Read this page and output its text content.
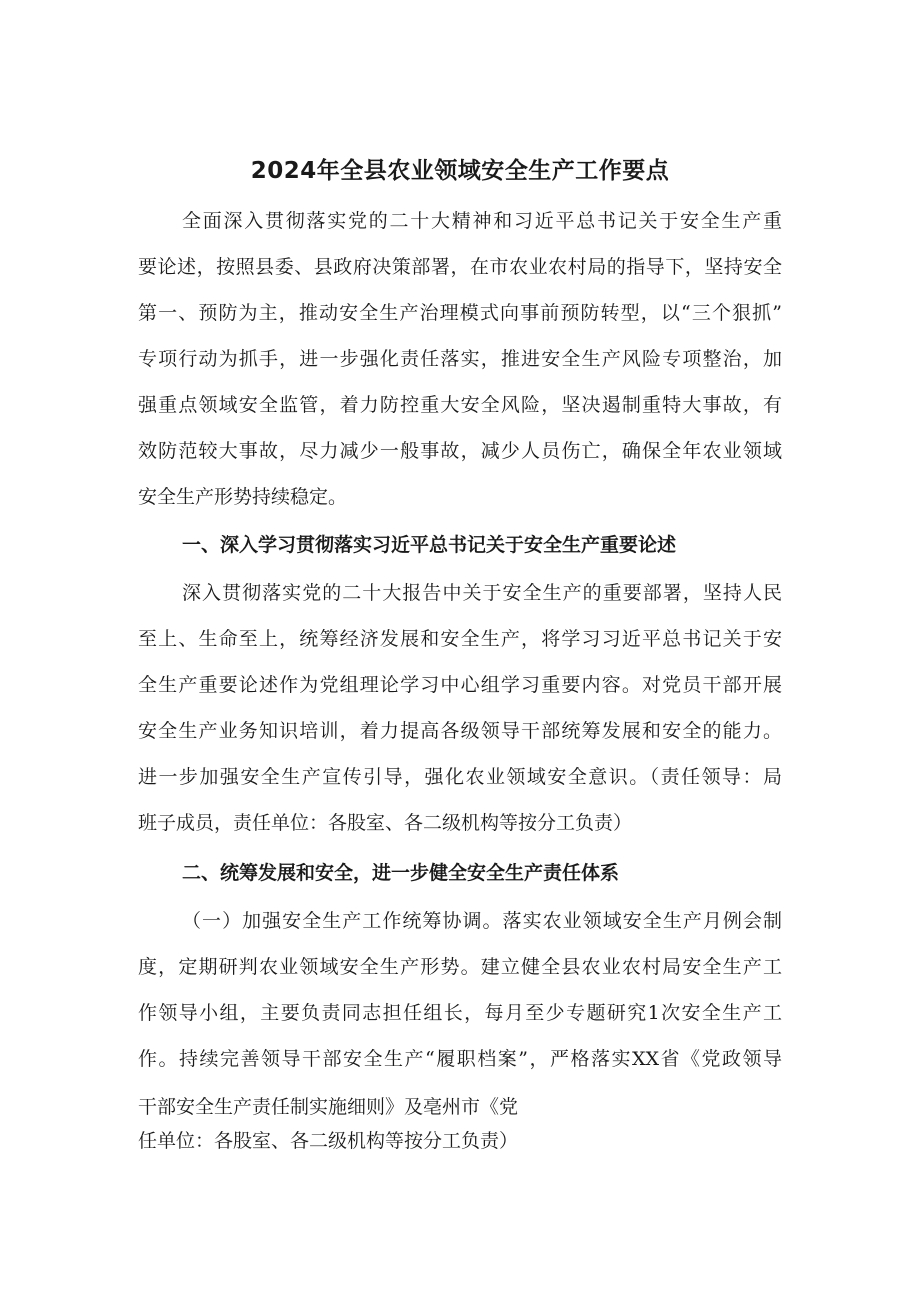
2024年全县农业领域安全生产工作要点
全面深入贯彻落实党的二十大精神和习近平总书记关于安全生产重
要论述，按照县委、县政府决策部署，在市农业农村局的指导下，坚持安全
第一、预防为主，推动安全生产治理模式向事前预防转型，以“三个狠抓”
专项行动为抓手，进一步强化责任落实，推进安全生产风险专项整治，加
强重点领域安全监管，着力防控重大安全风险，坚决遏制重特大事故，有
效防范较大事故，尽力减少一般事故，减少人员伤亡，确保全年农业领域
安全生产形势持续稳定。
一、深入学习贯彻落实习近平总书记关于安全生产重要论述
深入贯彻落实党的二十大报告中关于安全生产的重要部署，坚持人民
至上、生命至上，统筹经济发展和安全生产，将学习习近平总书记关于安
全生产重要论述作为党组理论学习中心组学习重要内容。对党员干部开展
安全生产业务知识培训，着力提高各级领导干部统筹发展和安全的能力。
进一步加强安全生产宣传引导，强化农业领域安全意识。（责任领导：局
班子成员，责任单位：各股室、各二级机构等按分工负责）
二、统筹发展和安全，进一步健全安全生产责任体系
（一）加强安全生产工作统筹协调。落实农业领域安全生产月例会制
度，定期研判农业领域安全生产形势。建立健全县农业农村局安全生产工
作领导小组，主要负责同志担任组长，每月至少专题研究1次安全生产工
作。持续完善领导干部安全生产“履职档案”，严格落实XX省《党政领导
干部安全生产责任制实施细则》及亳州市《党
任单位：各股室、各二级机构等按分工负责）
